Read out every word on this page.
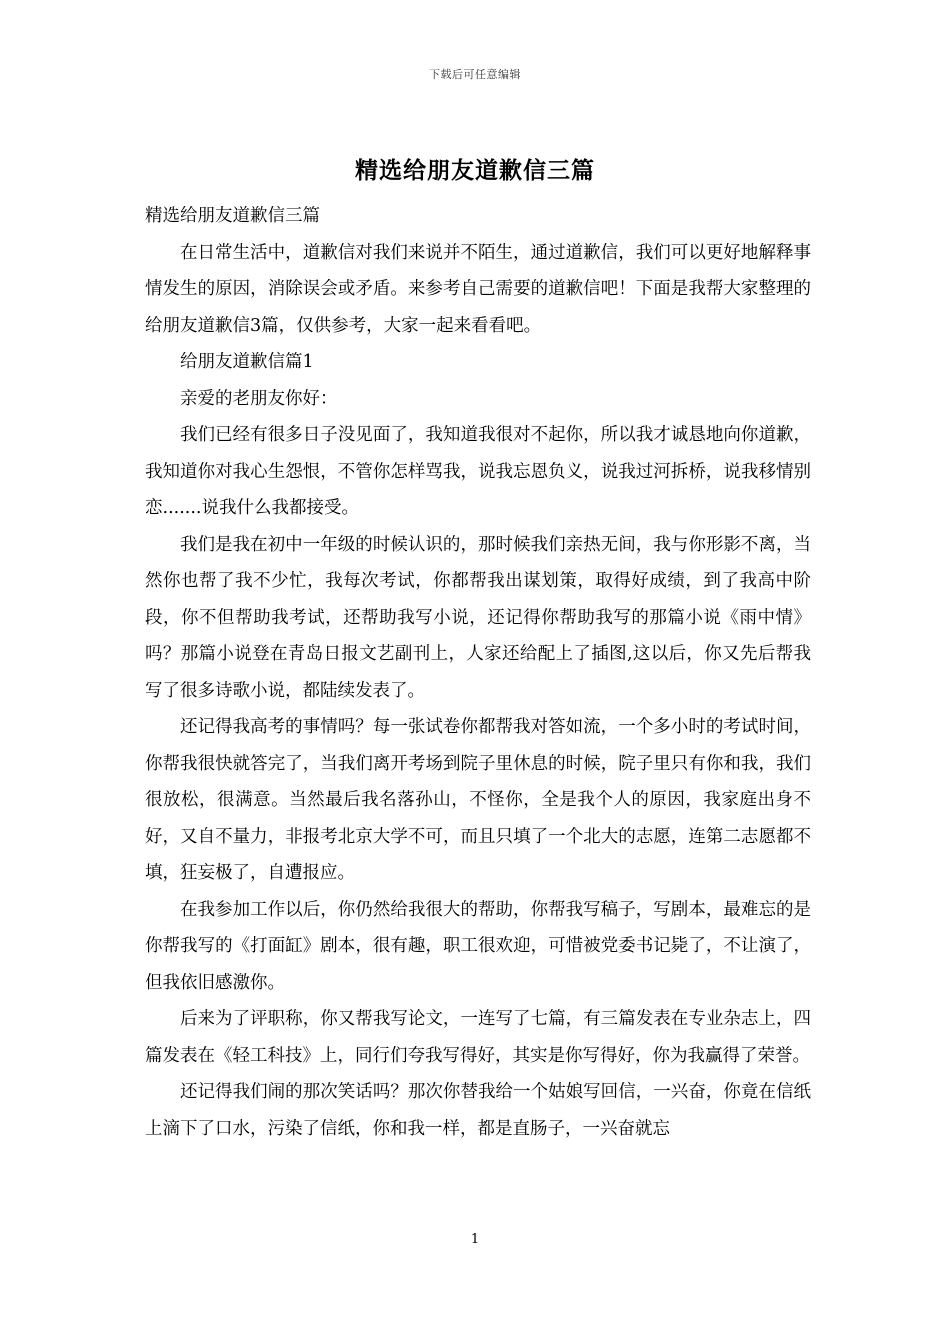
下载后可任意编辑
精选给朋友道歉信三篇

精选给朋友道歉信三篇

在日常生活中，道歉信对我们来说并不陌生，通过道歉信，我们可以更好地解释事情发生的原因，消除误会或矛盾。来参考自己需要的道歉信吧！下面是我帮大家整理的给朋友道歉信3篇，仅供参考，大家一起来看看吧。

给朋友道歉信篇1

亲爱的老朋友你好：

我们已经有很多日子没见面了，我知道我很对不起你，所以我才诚恳地向你道歉，我知道你对我心生怨恨，不管你怎样骂我，说我忘恩负义，说我过河拆桥，说我移情别恋.......说我什么我都接受。

我们是我在初中一年级的时候认识的，那时候我们亲热无间，我与你形影不离，当然你也帮了我不少忙，我每次考试，你都帮我出谋划策，取得好成绩，到了我高中阶段，你不但帮助我考试，还帮助我写小说，还记得你帮助我写的那篇小说《雨中情》吗？那篇小说登在青岛日报文艺副刊上，人家还给配上了插图,这以后，你又先后帮我写了很多诗歌小说，都陆续发表了。

还记得我高考的事情吗？每一张试卷你都帮我对答如流，一个多小时的考试时间，你帮我很快就答完了，当我们离开考场到院子里休息的时候，院子里只有你和我，我们很放松，很满意。当然最后我名落孙山，不怪你，全是我个人的原因，我家庭出身不好，又自不量力，非报考北京大学不可，而且只填了一个北大的志愿，连第二志愿都不填，狂妄极了，自遭报应。

在我参加工作以后，你仍然给我很大的帮助，你帮我写稿子，写剧本，最难忘的是你帮我写的《打面缸》剧本，很有趣，职工很欢迎，可惜被党委书记毙了，不让演了，但我依旧感激你。

后来为了评职称，你又帮我写论文，一连写了七篇，有三篇发表在专业杂志上，四篇发表在《轻工科技》上，同行们夸我写得好，其实是你写得好，你为我赢得了荣誉。

还记得我们闹的那次笑话吗？那次你替我给一个姑娘写回信，一兴奋，你竟在信纸上滴下了口水，污染了信纸，你和我一样，都是直肠子，一兴奋就忘

1
